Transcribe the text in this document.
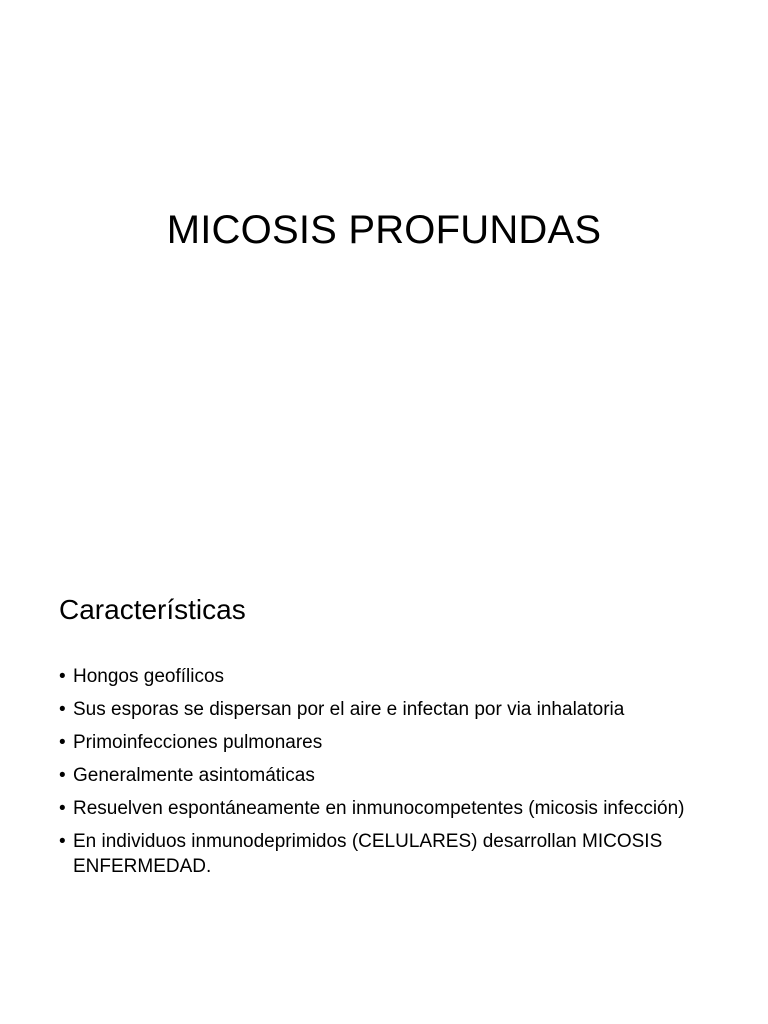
MICOSIS PROFUNDAS
Características
• Hongos geofílicos
• Sus esporas se dispersan por el aire e infectan por via inhalatoria
• Primoinfecciones pulmonares
• Generalmente asintomáticas
• Resuelven espontáneamente en inmunocompetentes (micosis infección)
• En individuos inmunodeprimidos (CELULARES) desarrollan MICOSIS ENFERMEDAD.
